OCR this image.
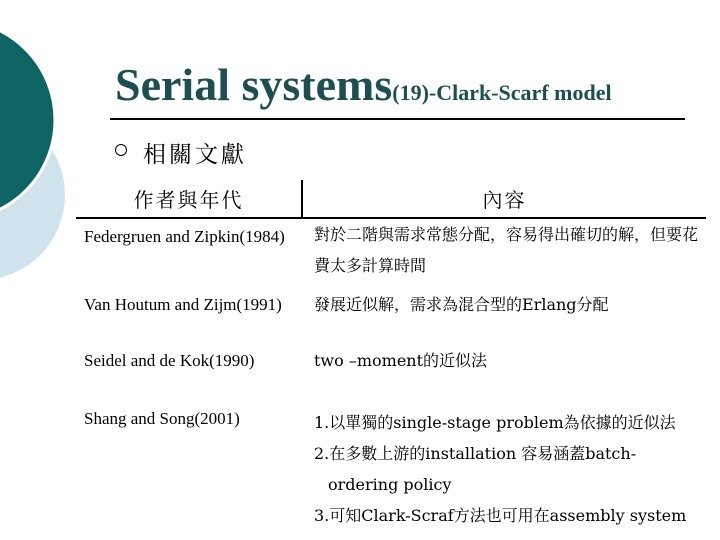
Serial systems(19)-Clark-Scarf model
相關文獻
作者與年代	內容
Federgruen and Zipkin(1984)	對於二階與需求常態分配，容易得出確切的解，但要花費太多計算時間
Van Houtum and Zijm(1991)	發展近似解，需求為混合型的Erlang分配
Seidel and de Kok(1990)	two –moment的近似法
Shang and Song(2001)	1.以單獨的single-stage problem為依據的近似法
2.在多數上游的installation 容易涵蓋batch-
ordering policy
3.可知Clark-Scraf方法也可用在assembly system
